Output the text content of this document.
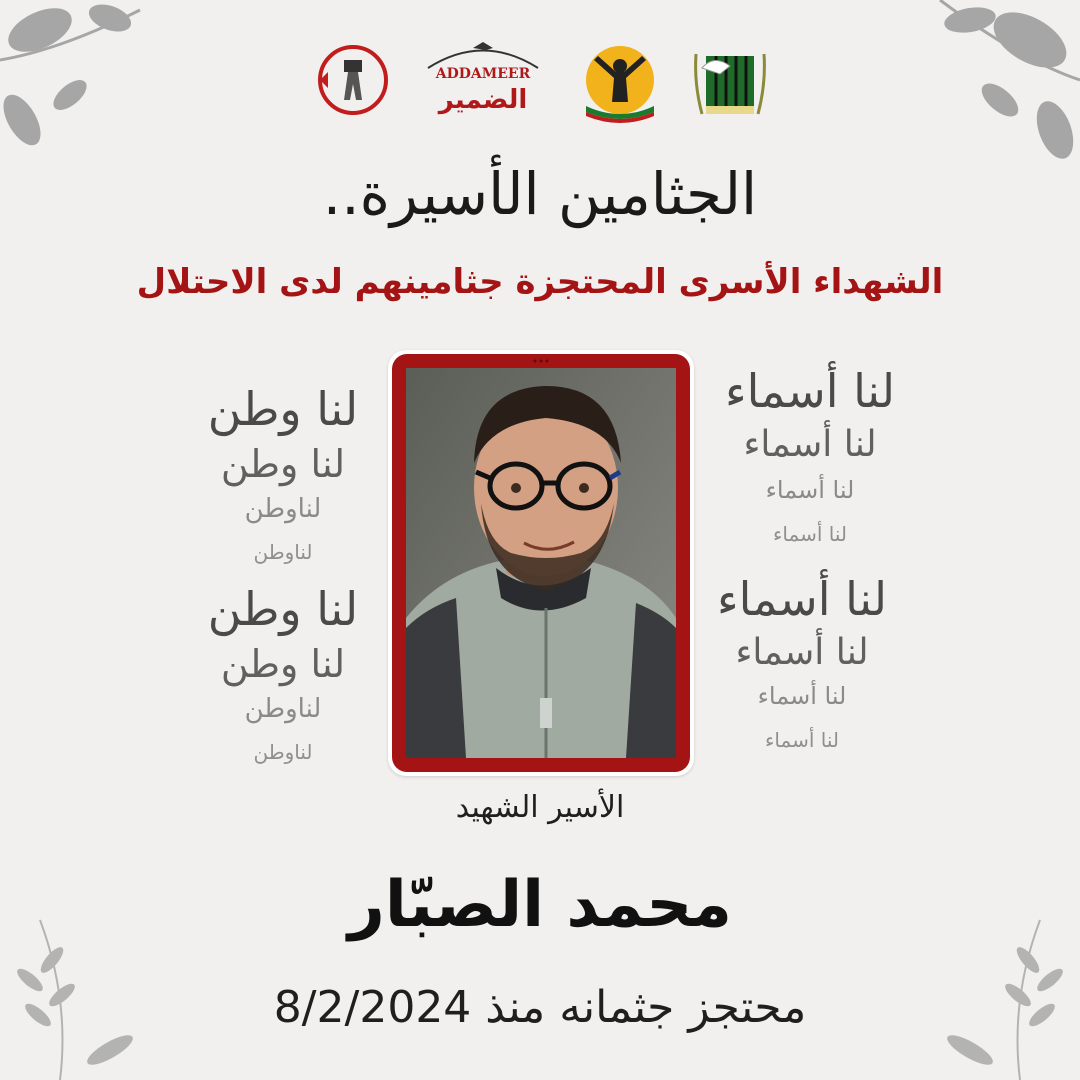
ADDAMEER
الضمير
الجثامين الأسيرة..
الشهداء الأسرى المحتجزة جثامينهم لدى الاحتلال
لنا وطن
لنا وطن
لناوطن
لناوطن
لنا وطن
لنا وطن
لناوطن
لناوطن
لنا أسماء
لنا أسماء
لنا أسماء
لنا أسماء
لنا أسماء
لنا أسماء
لنا أسماء
لنا أسماء
الأسير الشهيد
محمد الصبّار
محتجز جثمانه منذ 8/2/2024
